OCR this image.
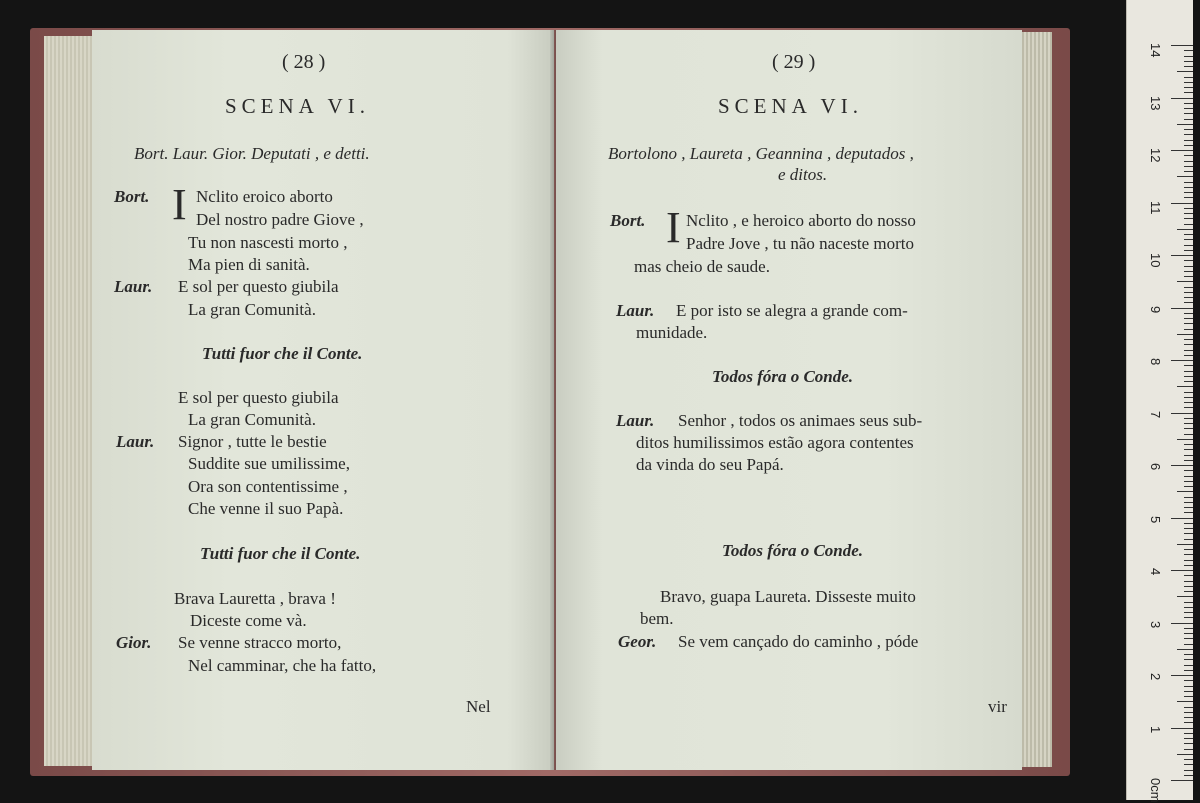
( 28 )
SCENA VI.
Bort. Laur. Gior. Deputati , e detti.
Bort. I Nclito eroico aborto
Del nostro padre Giove ,
Tu non nascesti morto ,
Ma pien di sanità.
Laur. E sol per questo giubila
La gran Comunità.
Tutti fuor che il Conte.
E sol per questo giubila
La gran Comunità.
Laur. Signor , tutte le bestie
Suddite sue umilissime,
Ora son contentissime ,
Che venne il suo Papà.
Tutti fuor che il Conte.
Brava Lauretta , brava !
Diceste come và.
Gior. Se venne stracco morto,
Nel camminar, che ha fatto,
Nel
( 29 )
SCENA VI.
Bortolono , Laureta , Geannina , deputados ,
e ditos.
Bort. I Nclito , e heroico aborto do nosso
Padre Jove , tu não naceste morto
mas cheio de saude.
Laur. E por isto se alegra a grande com-
munidade.
Todos fóra o Conde.
Laur. Senhor , todos os animaes seus sub-
ditos humilissimos estão agora contentes
da vinda do seu Papá.
Todos fóra o Conde.
Bravo, guapa Laureta. Disseste muito
bem.
Geor. Se vem cançado do caminho , póde
vir
14
13
12
11
10
9
8
7
6
5
4
3
2
1
0cm
